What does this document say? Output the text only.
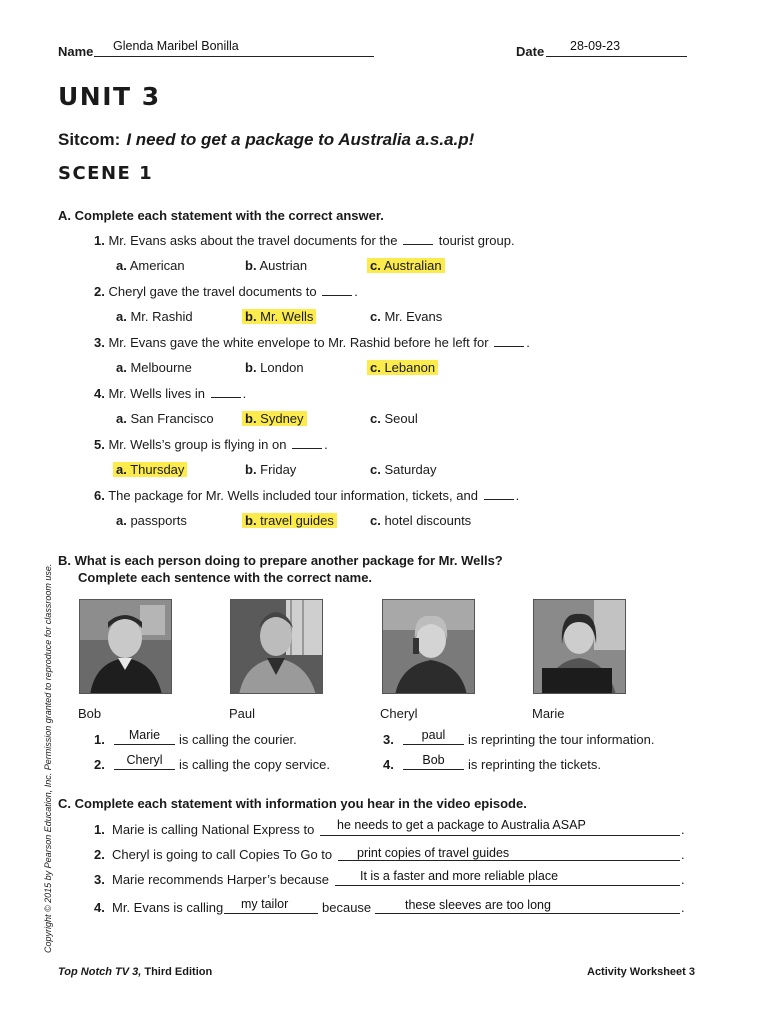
Name Glenda Maribel Bonilla	Date 28-09-23
UNIT 3
Sitcom: I need to get a package to Australia a.s.a.p!
SCENE 1
A. Complete each statement with the correct answer.
1. Mr. Evans asks about the travel documents for the	tourist group.
a. American	b. Austrian	c. Australian
2. Cheryl gave the travel documents to	.
a. Mr. Rashid	b. Mr. Wells	c. Mr. Evans
3. Mr. Evans gave the white envelope to Mr. Rashid before he left for	.
a. Melbourne	b. London	c. Lebanon
4. Mr. Wells lives in	.
a. San Francisco b. Sydney	c. Seoul
5. Mr. Wells’s group is flying in on	.
a. Thursday	b. Friday	c. Saturday
6. The package for Mr. Wells included tour information, tickets, and	.
a. passports	b. travel guides	c. hotel discounts
B. What is each person doing to prepare another package for Mr. Wells?
Complete each sentence with the correct name.
Bob	Paul	Cheryl	Marie
1.	Marie	is calling the courier.
2.	Cheryl	is calling the copy service.
3.	paul	is reprinting the tour information.
4.	Bob	is reprinting the tickets.
C. Complete each statement with information you hear in the video episode.
1. Marie is calling National Express to he needs to get a package to Australia ASAP	.
2. Cheryl is going to call Copies To Go to print copies of travel guides	.
3. Marie recommends Harper’s because It is a faster and more reliable place	.
4. Mr. Evans is calling my tailor	because	these sleeves are too long	.
Copyright © 2015 by Pearson Education, Inc. Permission granted to reproduce for classroom use.
Top Notch TV 3, Third Edition	Activity Worksheet 3
